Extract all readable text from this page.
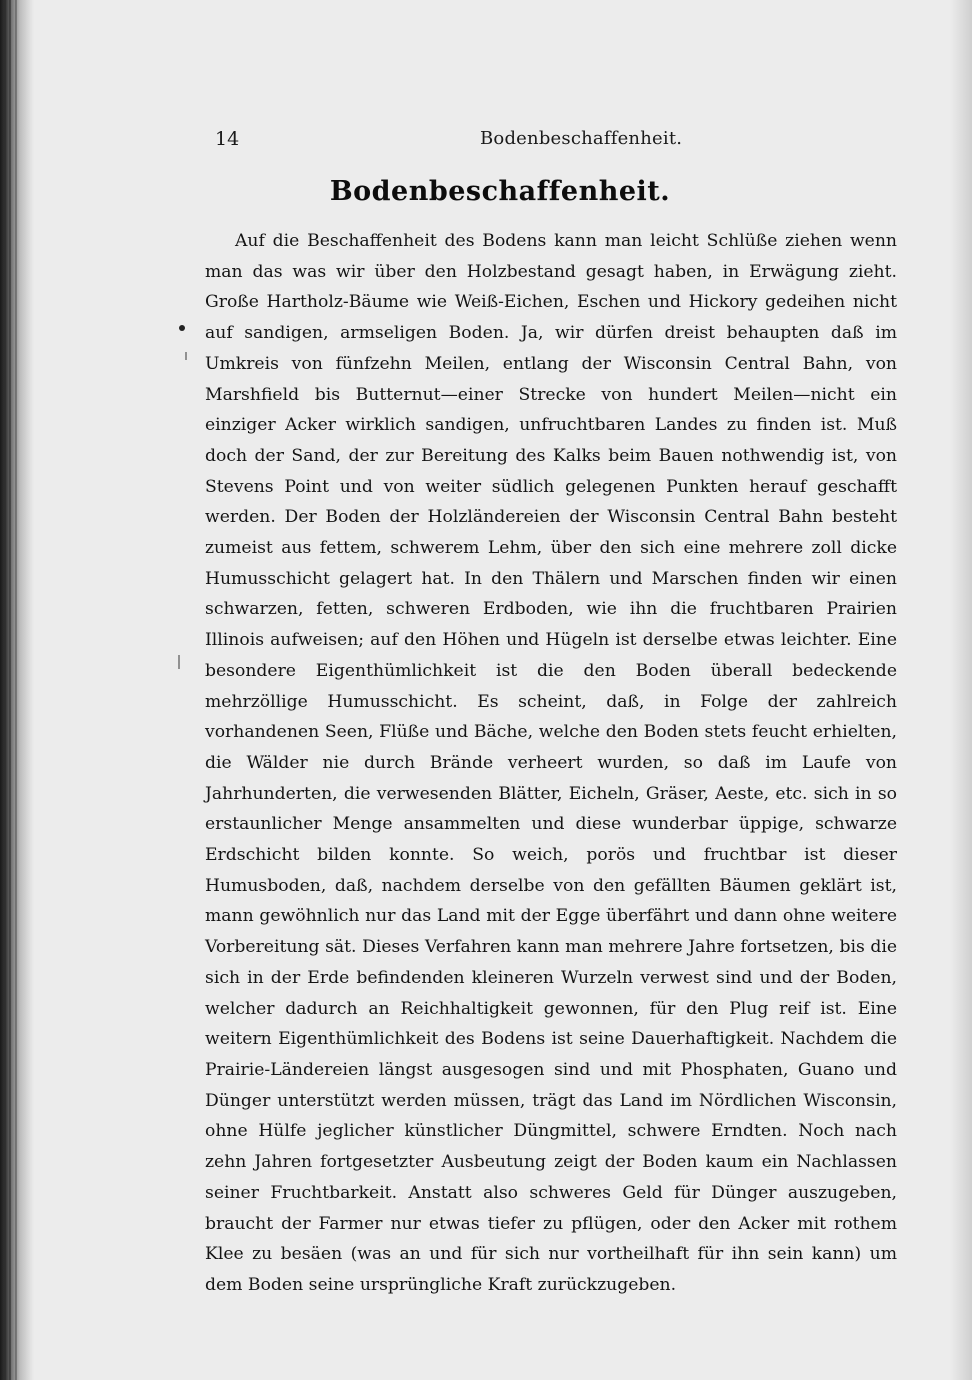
14	Bodenbeschaffenheit.
Bodenbeschaffenheit.

Auf die Beschaffenheit des Bodens kann man leicht Schlüße ziehen wenn man das was wir über den Holzbestand gesagt haben, in Erwägung zieht. Große Hartholz-Bäume wie Weiß-Eichen, Eschen und Hickory gedeihen nicht auf sandigen, armseligen Boden. Ja, wir dürfen dreist behaupten daß im Umkreis von fünfzehn Meilen, entlang der Wisconsin Central Bahn, von Marshfield bis Butternut—einer Strecke von hundert Meilen—nicht ein einziger Acker wirklich sandigen, unfruchtbaren Landes zu finden ist. Muß doch der Sand, der zur Bereitung des Kalks beim Bauen nothwendig ist, von Stevens Point und von weiter südlich gelegenen Punkten herauf geschafft werden. Der Boden der Holzländereien der Wisconsin Central Bahn besteht zumeist aus fettem, schwerem Lehm, über den sich eine mehrere zoll dicke Humusschicht gelagert hat. In den Thälern und Marschen finden wir einen schwarzen, fetten, schweren Erdboden, wie ihn die fruchtbaren Prairien Illinois aufweisen; auf den Höhen und Hügeln ist derselbe etwas leichter. Eine besondere Eigenthümlichkeit ist die den Boden überall bedeckende mehrzöllige Humusschicht. Es scheint, daß, in Folge der zahlreich vorhandenen Seen, Flüße und Bäche, welche den Boden stets feucht erhielten, die Wälder nie durch Brände verheert wurden, so daß im Laufe von Jahrhunderten, die verwesenden Blätter, Eicheln, Gräser, Aeste, etc. sich in so erstaunlicher Menge ansammelten und diese wunderbar üppige, schwarze Erdschicht bilden konnte. So weich, porös und fruchtbar ist dieser Humusboden, daß, nachdem derselbe von den gefällten Bäumen geklärt ist, mann gewöhnlich nur das Land mit der Egge überfährt und dann ohne weitere Vorbereitung sät. Dieses Verfahren kann man mehrere Jahre fortsetzen, bis die sich in der Erde befindenden kleineren Wurzeln verwest sind und der Boden, welcher dadurch an Reichhaltigkeit gewonnen, für den Plug reif ist. Eine weitern Eigenthümlichkeit des Bodens ist seine Dauerhaftigkeit. Nachdem die Prairie-Ländereien längst ausgesogen sind und mit Phosphaten, Guano und Dünger unterstützt werden müssen, trägt das Land im Nördlichen Wisconsin, ohne Hülfe jeglicher künstlicher Düngmittel, schwere Erndten. Noch nach zehn Jahren fortgesetzter Ausbeutung zeigt der Boden kaum ein Nachlassen seiner Fruchtbarkeit. Anstatt also schweres Geld für Dünger auszugeben, braucht der Farmer nur etwas tiefer zu pflügen, oder den Acker mit rothem Klee zu besäen (was an und für sich nur vortheilhaft für ihn sein kann) um dem Boden seine ursprüngliche Kraft zurückzugeben.
